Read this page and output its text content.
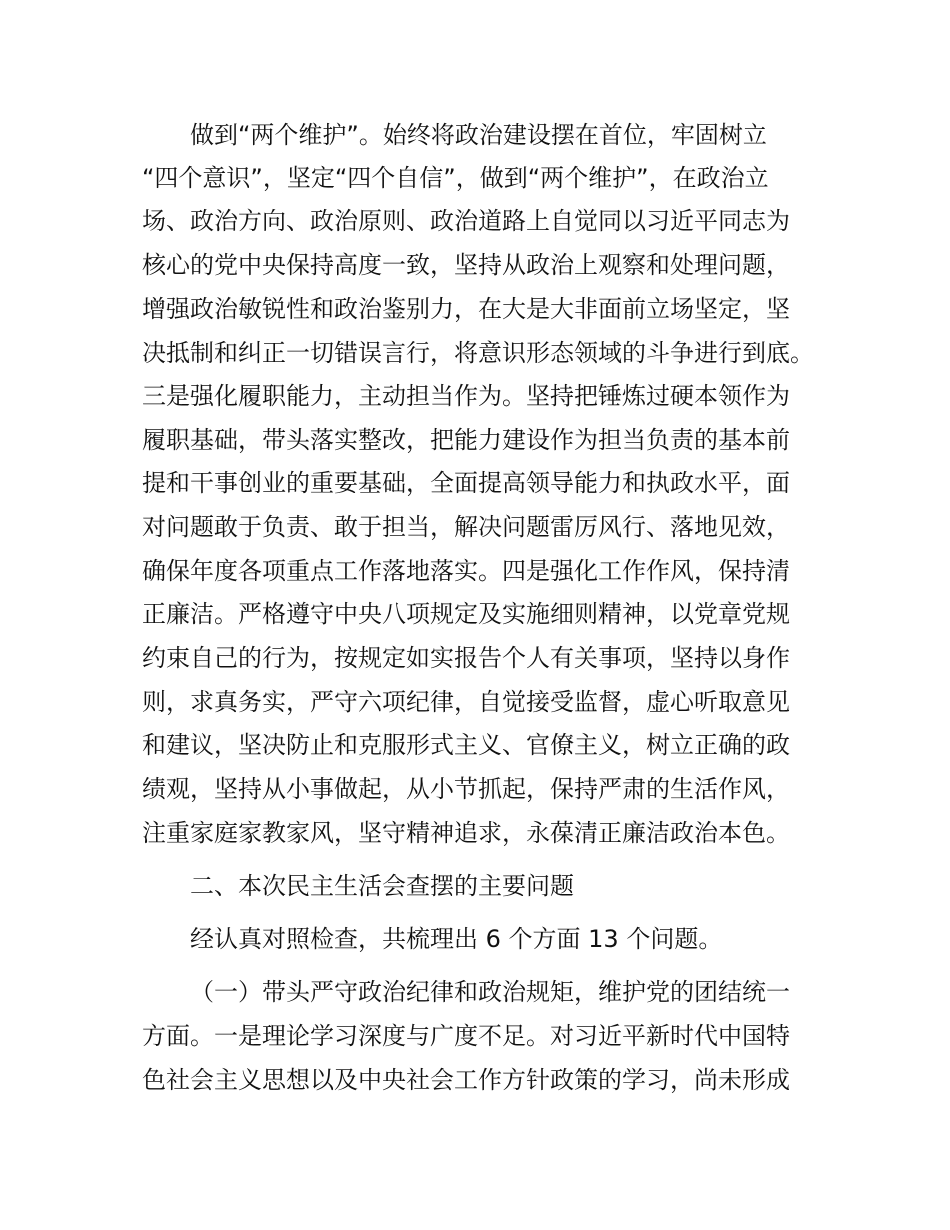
做到“两个维护”。始终将政治建设摆在首位，牢固树立
“四个意识”，坚定“四个自信”，做到“两个维护”，在政治立
场、政治方向、政治原则、政治道路上自觉同以习近平同志为
核心的党中央保持高度一致，坚持从政治上观察和处理问题，
增强政治敏锐性和政治鉴别力，在大是大非面前立场坚定，坚
决抵制和纠正一切错误言行，将意识形态领域的斗争进行到底。
三是强化履职能力，主动担当作为。坚持把锤炼过硬本领作为
履职基础，带头落实整改，把能力建设作为担当负责的基本前
提和干事创业的重要基础，全面提高领导能力和执政水平，面
对问题敢于负责、敢于担当，解决问题雷厉风行、落地见效，
确保年度各项重点工作落地落实。四是强化工作作风，保持清
正廉洁。严格遵守中央八项规定及实施细则精神，以党章党规
约束自己的行为，按规定如实报告个人有关事项，坚持以身作
则，求真务实，严守六项纪律，自觉接受监督，虚心听取意见
和建议，坚决防止和克服形式主义、官僚主义，树立正确的政
绩观，坚持从小事做起，从小节抓起，保持严肃的生活作风，
注重家庭家教家风，坚守精神追求，永葆清正廉洁政治本色。
二、本次民主生活会查摆的主要问题
经认真对照检查，共梳理出 6 个方面 13 个问题。
（一）带头严守政治纪律和政治规矩，维护党的团结统一
方面。一是理论学习深度与广度不足。对习近平新时代中国特
色社会主义思想以及中央社会工作方针政策的学习，尚未形成
